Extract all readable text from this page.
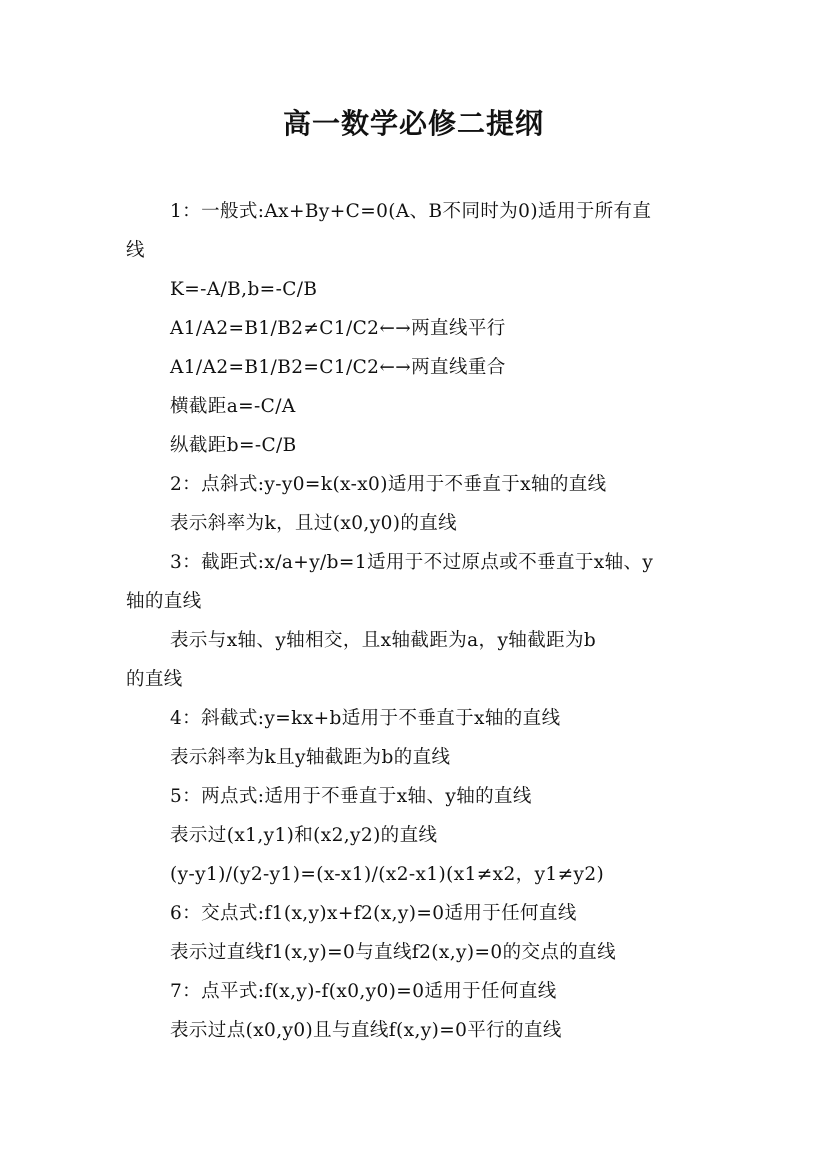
高一数学必修二提纲
1：一般式:Ax+By+C=0(A、B不同时为0)适用于所有直
线
K=-A/B,b=-C/B
A1/A2=B1/B2≠C1/C2←→两直线平行
A1/A2=B1/B2=C1/C2←→两直线重合
横截距a=-C/A
纵截距b=-C/B
2：点斜式:y-y0=k(x-x0)适用于不垂直于x轴的直线
表示斜率为k，且过(x0,y0)的直线
3：截距式:x/a+y/b=1适用于不过原点或不垂直于x轴、y
轴的直线
表示与x轴、y轴相交，且x轴截距为a，y轴截距为b
的直线
4：斜截式:y=kx+b适用于不垂直于x轴的直线
表示斜率为k且y轴截距为b的直线
5：两点式:适用于不垂直于x轴、y轴的直线
表示过(x1,y1)和(x2,y2)的直线
(y-y1)/(y2-y1)=(x-x1)/(x2-x1)(x1≠x2，y1≠y2)
6：交点式:f1(x,y)x+f2(x,y)=0适用于任何直线
表示过直线f1(x,y)=0与直线f2(x,y)=0的交点的直线
7：点平式:f(x,y)-f(x0,y0)=0适用于任何直线
表示过点(x0,y0)且与直线f(x,y)=0平行的直线
